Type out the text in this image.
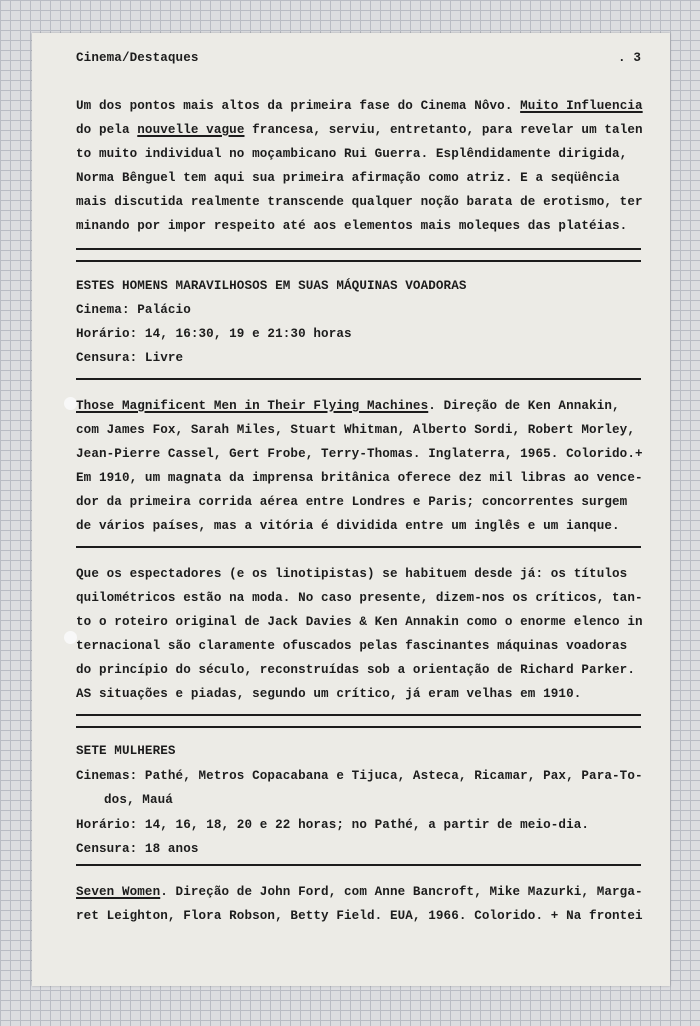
Cinema/Destaques	. 3

Um dos pontos mais altos da primeira fase do Cinema Nôvo. Muito Influencia

do pela nouvelle vague francesa, serviu, entretanto, para revelar um talen

to muito individual no moçambicano Rui Guerra. Esplêndidamente dirigida,

Norma Bênguel tem aqui sua primeira afirmação como atriz. E a seqüência

mais discutida realmente transcende qualquer noção barata de erotismo, ter

minando por impor respeito até aos elementos mais moleques das platéias.

ESTES HOMENS MARAVILHOSOS EM SUAS MÁQUINAS VOADORAS

Cinema: Palácio

Horário: 14, 16:30, 19 e 21:30 horas

Censura: Livre

Those Magnificent Men in Their Flying Machines. Direção de Ken Annakin,

com James Fox, Sarah Miles, Stuart Whitman, Alberto Sordi, Robert Morley,

Jean-Pierre Cassel, Gert Frobe, Terry-Thomas. Inglaterra, 1965. Colorido.+

Em 1910, um magnata da imprensa britânica oferece dez mil libras ao vence-

dor da primeira corrida aérea entre Londres e Paris; concorrentes surgem

de vários países, mas a vitória é dividida entre um inglês e um ianque.

Que os espectadores (e os linotipistas) se habituem desde já: os títulos

quilométricos estão na moda. No caso presente, dizem-nos os críticos, tan-

to o roteiro original de Jack Davies & Ken Annakin como o enorme elenco in

ternacional são claramente ofuscados pelas fascinantes máquinas voadoras

do princípio do século, reconstruídas sob a orientação de Richard Parker.

AS situações e piadas, segundo um crítico, já eram velhas em 1910.

SETE MULHERES

Cinemas: Pathé, Metros Copacabana e Tijuca, Asteca, Ricamar, Pax, Para-To-

dos, Mauá

Horário: 14, 16, 18, 20 e 22 horas; no Pathé, a partir de meio-dia.

Censura: 18 anos

Seven Women. Direção de John Ford, com Anne Bancroft, Mike Mazurki, Marga-

ret Leighton, Flora Robson, Betty Field. EUA, 1966. Colorido. + Na frontei
